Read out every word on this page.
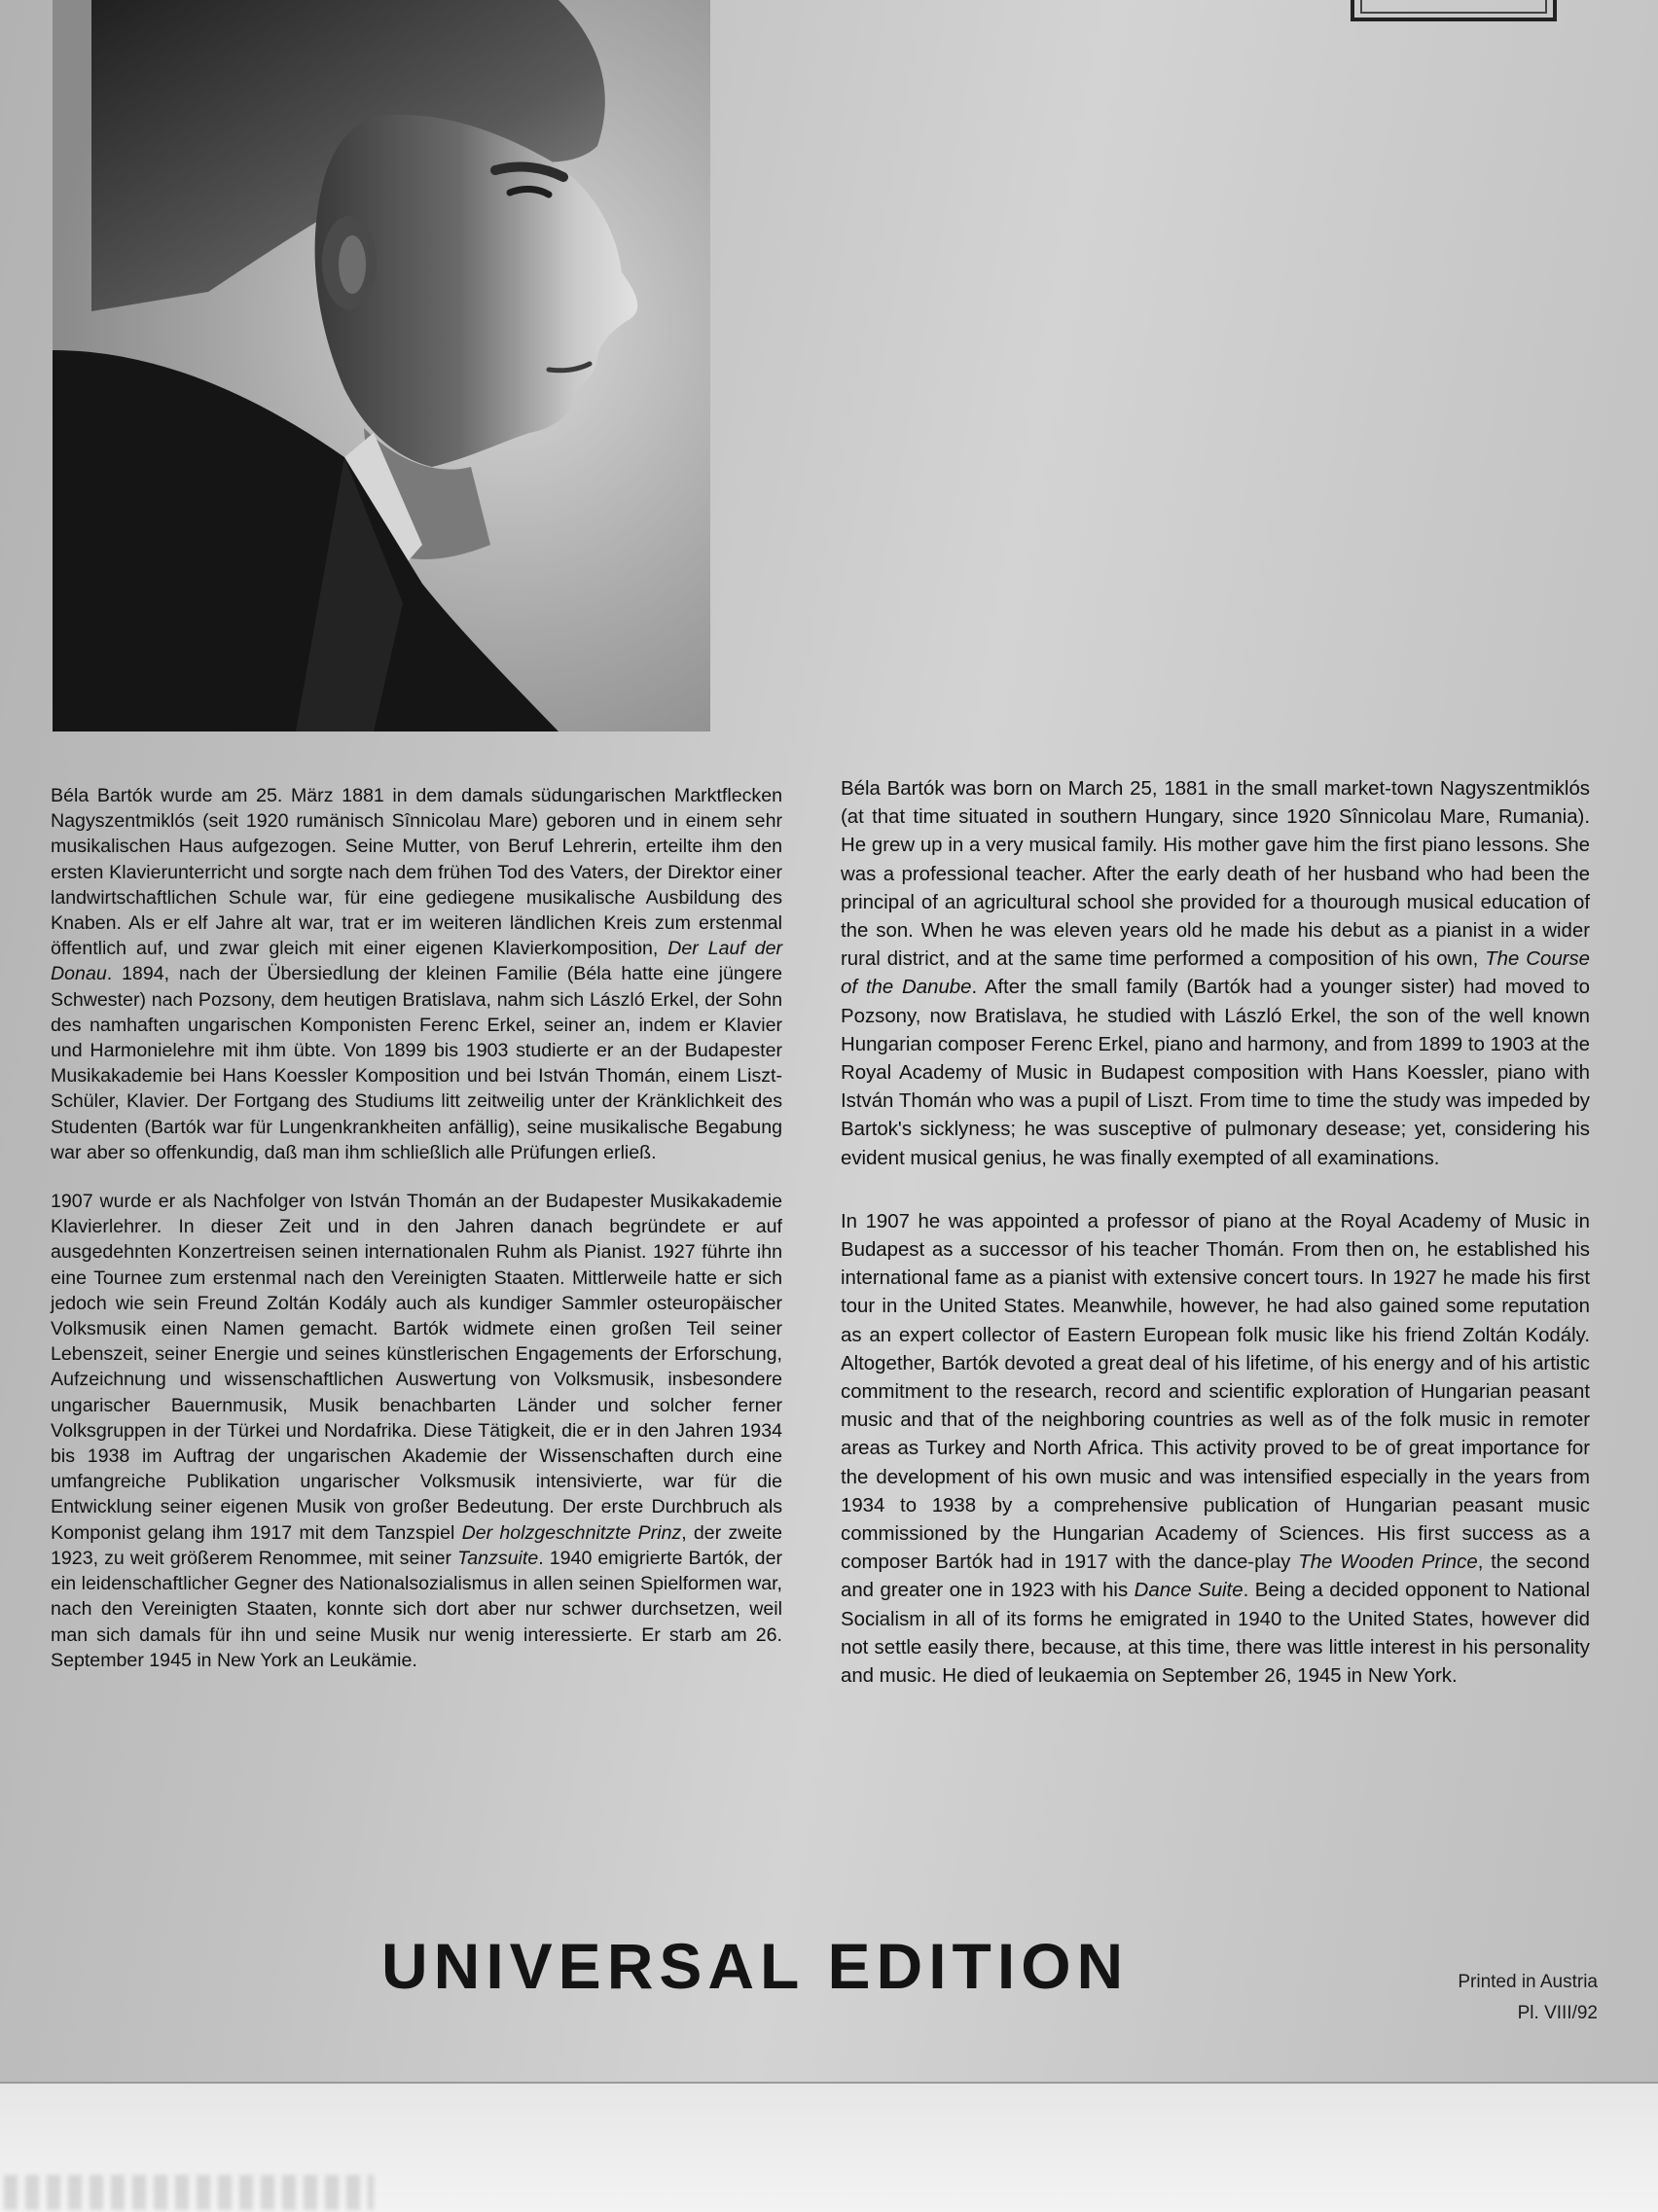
Béla Bartók wurde am 25. März 1881 in dem damals südungarischen Marktflecken Nagyszentmiklós (seit 1920 rumänisch Sînnicolau Mare) geboren und in einem sehr musikalischen Haus aufgezogen. Seine Mutter, von Beruf Lehrerin, erteilte ihm den ersten Klavierunterricht und sorgte nach dem frühen Tod des Vaters, der Direktor einer landwirtschaftlichen Schule war, für eine gediegene musikalische Ausbildung des Knaben. Als er elf Jahre alt war, trat er im weiteren ländlichen Kreis zum erstenmal öffentlich auf, und zwar gleich mit einer eigenen Klavierkomposition, Der Lauf der Donau. 1894, nach der Übersiedlung der kleinen Familie (Béla hatte eine jüngere Schwester) nach Pozsony, dem heutigen Bratislava, nahm sich László Erkel, der Sohn des namhaften ungarischen Komponisten Ferenc Erkel, seiner an, indem er Klavier und Harmonielehre mit ihm übte. Von 1899 bis 1903 studierte er an der Budapester Musikakademie bei Hans Koessler Komposition und bei István Thomán, einem Liszt-Schüler, Klavier. Der Fortgang des Studiums litt zeitweilig unter der Kränklichkeit des Studenten (Bartók war für Lungenkrankheiten anfällig), seine musikalische Begabung war aber so offenkundig, daß man ihm schließlich alle Prüfungen erließ.

1907 wurde er als Nachfolger von István Thomán an der Budapester Musikakademie Klavierlehrer. In dieser Zeit und in den Jahren danach begründete er auf ausgedehnten Konzertreisen seinen internationalen Ruhm als Pianist. 1927 führte ihn eine Tournee zum erstenmal nach den Vereinigten Staaten. Mittlerweile hatte er sich jedoch wie sein Freund Zoltán Kodály auch als kundiger Sammler osteuropäischer Volksmusik einen Namen gemacht. Bartók widmete einen großen Teil seiner Lebenszeit, seiner Energie und seines künstlerischen Engagements der Erforschung, Aufzeichnung und wissenschaftlichen Auswertung von Volksmusik, insbesondere ungarischer Bauernmusik, Musik benachbarten Länder und solcher ferner Volksgruppen in der Türkei und Nordafrika. Diese Tätigkeit, die er in den Jahren 1934 bis 1938 im Auftrag der ungarischen Akademie der Wissenschaften durch eine umfangreiche Publikation ungarischer Volksmusik intensivierte, war für die Entwicklung seiner eigenen Musik von großer Bedeutung. Der erste Durchbruch als Komponist gelang ihm 1917 mit dem Tanzspiel Der holzgeschnitzte Prinz, der zweite 1923, zu weit größerem Renommee, mit seiner Tanzsuite. 1940 emigrierte Bartók, der ein leidenschaftlicher Gegner des Nationalsozialismus in allen seinen Spielformen war, nach den Vereinigten Staaten, konnte sich dort aber nur schwer durchsetzen, weil man sich damals für ihn und seine Musik nur wenig interessierte. Er starb am 26. September 1945 in New York an Leukämie.

Béla Bartók was born on March 25, 1881 in the small market-town Nagyszentmiklós (at that time situated in southern Hungary, since 1920 Sînnicolau Mare, Rumania). He grew up in a very musical family. His mother gave him the first piano lessons. She was a professional teacher. After the early death of her husband who had been the principal of an agricultural school she provided for a thourough musical education of the son. When he was eleven years old he made his debut as a pianist in a wider rural district, and at the same time performed a composition of his own, The Course of the Danube. After the small family (Bartók had a younger sister) had moved to Pozsony, now Bratislava, he studied with László Erkel, the son of the well known Hungarian composer Ferenc Erkel, piano and harmony, and from 1899 to 1903 at the Royal Academy of Music in Budapest composition with Hans Koessler, piano with István Thomán who was a pupil of Liszt. From time to time the study was impeded by Bartok's sicklyness; he was susceptive of pulmonary desease; yet, considering his evident musical genius, he was finally exempted of all examinations.

In 1907 he was appointed a professor of piano at the Royal Academy of Music in Budapest as a successor of his teacher Thomán. From then on, he established his international fame as a pianist with extensive concert tours. In 1927 he made his first tour in the United States. Meanwhile, however, he had also gained some reputation as an expert collector of Eastern European folk music like his friend Zoltán Kodály. Altogether, Bartók devoted a great deal of his lifetime, of his energy and of his artistic commitment to the research, record and scientific exploration of Hungarian peasant music and that of the neighboring countries as well as of the folk music in remoter areas as Turkey and North Africa. This activity proved to be of great importance for the development of his own music and was intensified especially in the years from 1934 to 1938 by a comprehensive publication of Hungarian peasant music commissioned by the Hungarian Academy of Sciences. His first success as a composer Bartók had in 1917 with the dance-play The Wooden Prince, the second and greater one in 1923 with his Dance Suite. Being a decided opponent to National Socialism in all of its forms he emigrated in 1940 to the United States, however did not settle easily there, because, at this time, there was little interest in his personality and music. He died of leukaemia on September 26, 1945 in New York.

UNIVERSAL EDITION	Printed in Austria
Pl. VIII/92
